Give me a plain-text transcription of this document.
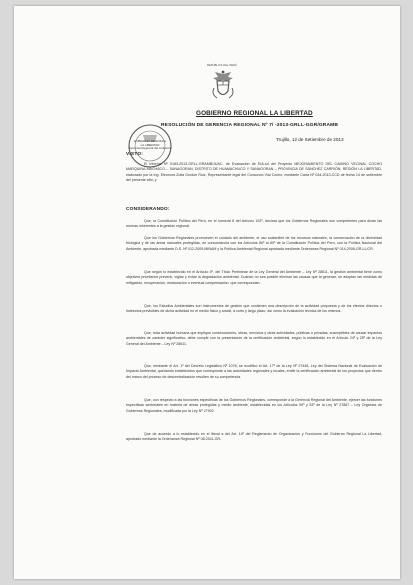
REPÚBLICA DEL PERÚ
GOBIERNO REGIONAL LA LIBERTAD
RESOLUCIÓN DE GERENCIA REGIONAL Nº 7/ -2013-GRLL-GGR/GRAMB
GOBIERNO REGIONAL
LA LIBERTAD
Gerencia Regional del Ambiente
Trujillo, 12 de Setiembre de 2013
VISTO:
El Informe Nº 0183-2013-GRLL-GRAMB/JUAC, de Evaluación de EIA-sd del Proyecto MEJORAMIENTO DEL CAMINO VECINAL COCHO MARQUINA-MACHACO – SANAGORAN, DISTRITO DE HUAMACHUCO Y SANAGORAN – PROVINCIA DE SÁNCHEZ CARRIÓN, REGIÓN LA LIBERTAD, elaborado por la Ing. Eleonora Zoila Gordón Ruiz, Representante legal del Consorcio Vial Cocho, mediante Carta Nº 034-2013-CCD de fecha 14 de setiembre del presente año; y
CONSIDERANDO:
Que, la Constitución Política del Perú, en el numeral 8 del Artículo 192º, declara que los Gobiernos Regionales son competentes para dictar las normas inherentes a la gestión regional.
Que los Gobiernos Regionales promueven el cuidado del ambiente, el uso sostenible de los recursos naturales, la conservación de la diversidad biológica y de las áreas naturales protegidas, en concordancia con los Artículos 66º al 69º de la Constitución Política del Perú, con la Política Nacional del Ambiente, aprobada mediante D.S. Nº 012-2009-MINAM y la Política Ambiental Regional aprobada mediante Ordenanza Regional Nº 014-2008-GR-LL/CR.
Que según lo establecido en el Artículo 4º, del Título Preliminar de la Ley General del Ambiente – Ley Nº 28611, la gestión ambiental tiene como objetivos prioritarios prevenir, vigilar y evitar la degradación ambiental. Cuando no sea posible eliminar las causas que la generan, se adoptan las medidas de mitigación, recuperación, restauración o eventual compensación, que correspondan.
Que, los Estudios Ambientales son instrumentos de gestión que contienen una descripción de la actividad propuesta y de los efectos directos o indirectos previsibles de dicha actividad en el medio físico y social, a corto y largo plazo, así como la evaluación técnica de los mismos.
Que, toda actividad humana que implique construcciones, obras, servicios y otras actividades, públicas o privadas, susceptibles de causar impactos ambientales de carácter significativo, debe cumplir con la presentación de la certificación ambiental, según lo establecido en el Artículo 24º y 25º de la Ley General del Ambiente – Ley Nº 28611.
Que, mediante el Art. 1º del Decreto Legislativo Nº 1078, se modificó el Art. 17º de la Ley Nº 27446, Ley del Sistema Nacional de Evaluación de Impacto Ambiental, quedando establecidos que corresponde a las autoridades regionales y locales, emitir la certificación ambiental de los proyectos que dentro del marco del proceso de descentralización resulten de su competencia.
Que, con respecto a las funciones específicas de los Gobiernos Regionales, corresponde a la Gerencia Regional del Ambiente, ejercer las funciones específicas sectoriales en materia de áreas protegidas y medio ambiente, establecidas en los Artículos 50º y 53º de la Ley Nº 27867 – Ley Orgánica de Gobiernos Regionales, modificada por la Ley Nº 27902.
Que de acuerdo a lo establecido en el literal a del Art. 14º del Reglamento de Organización y Funciones del Gobierno Regional La Libertad, aprobado mediante la Ordenanza Regional Nº 08-2011-GR-
